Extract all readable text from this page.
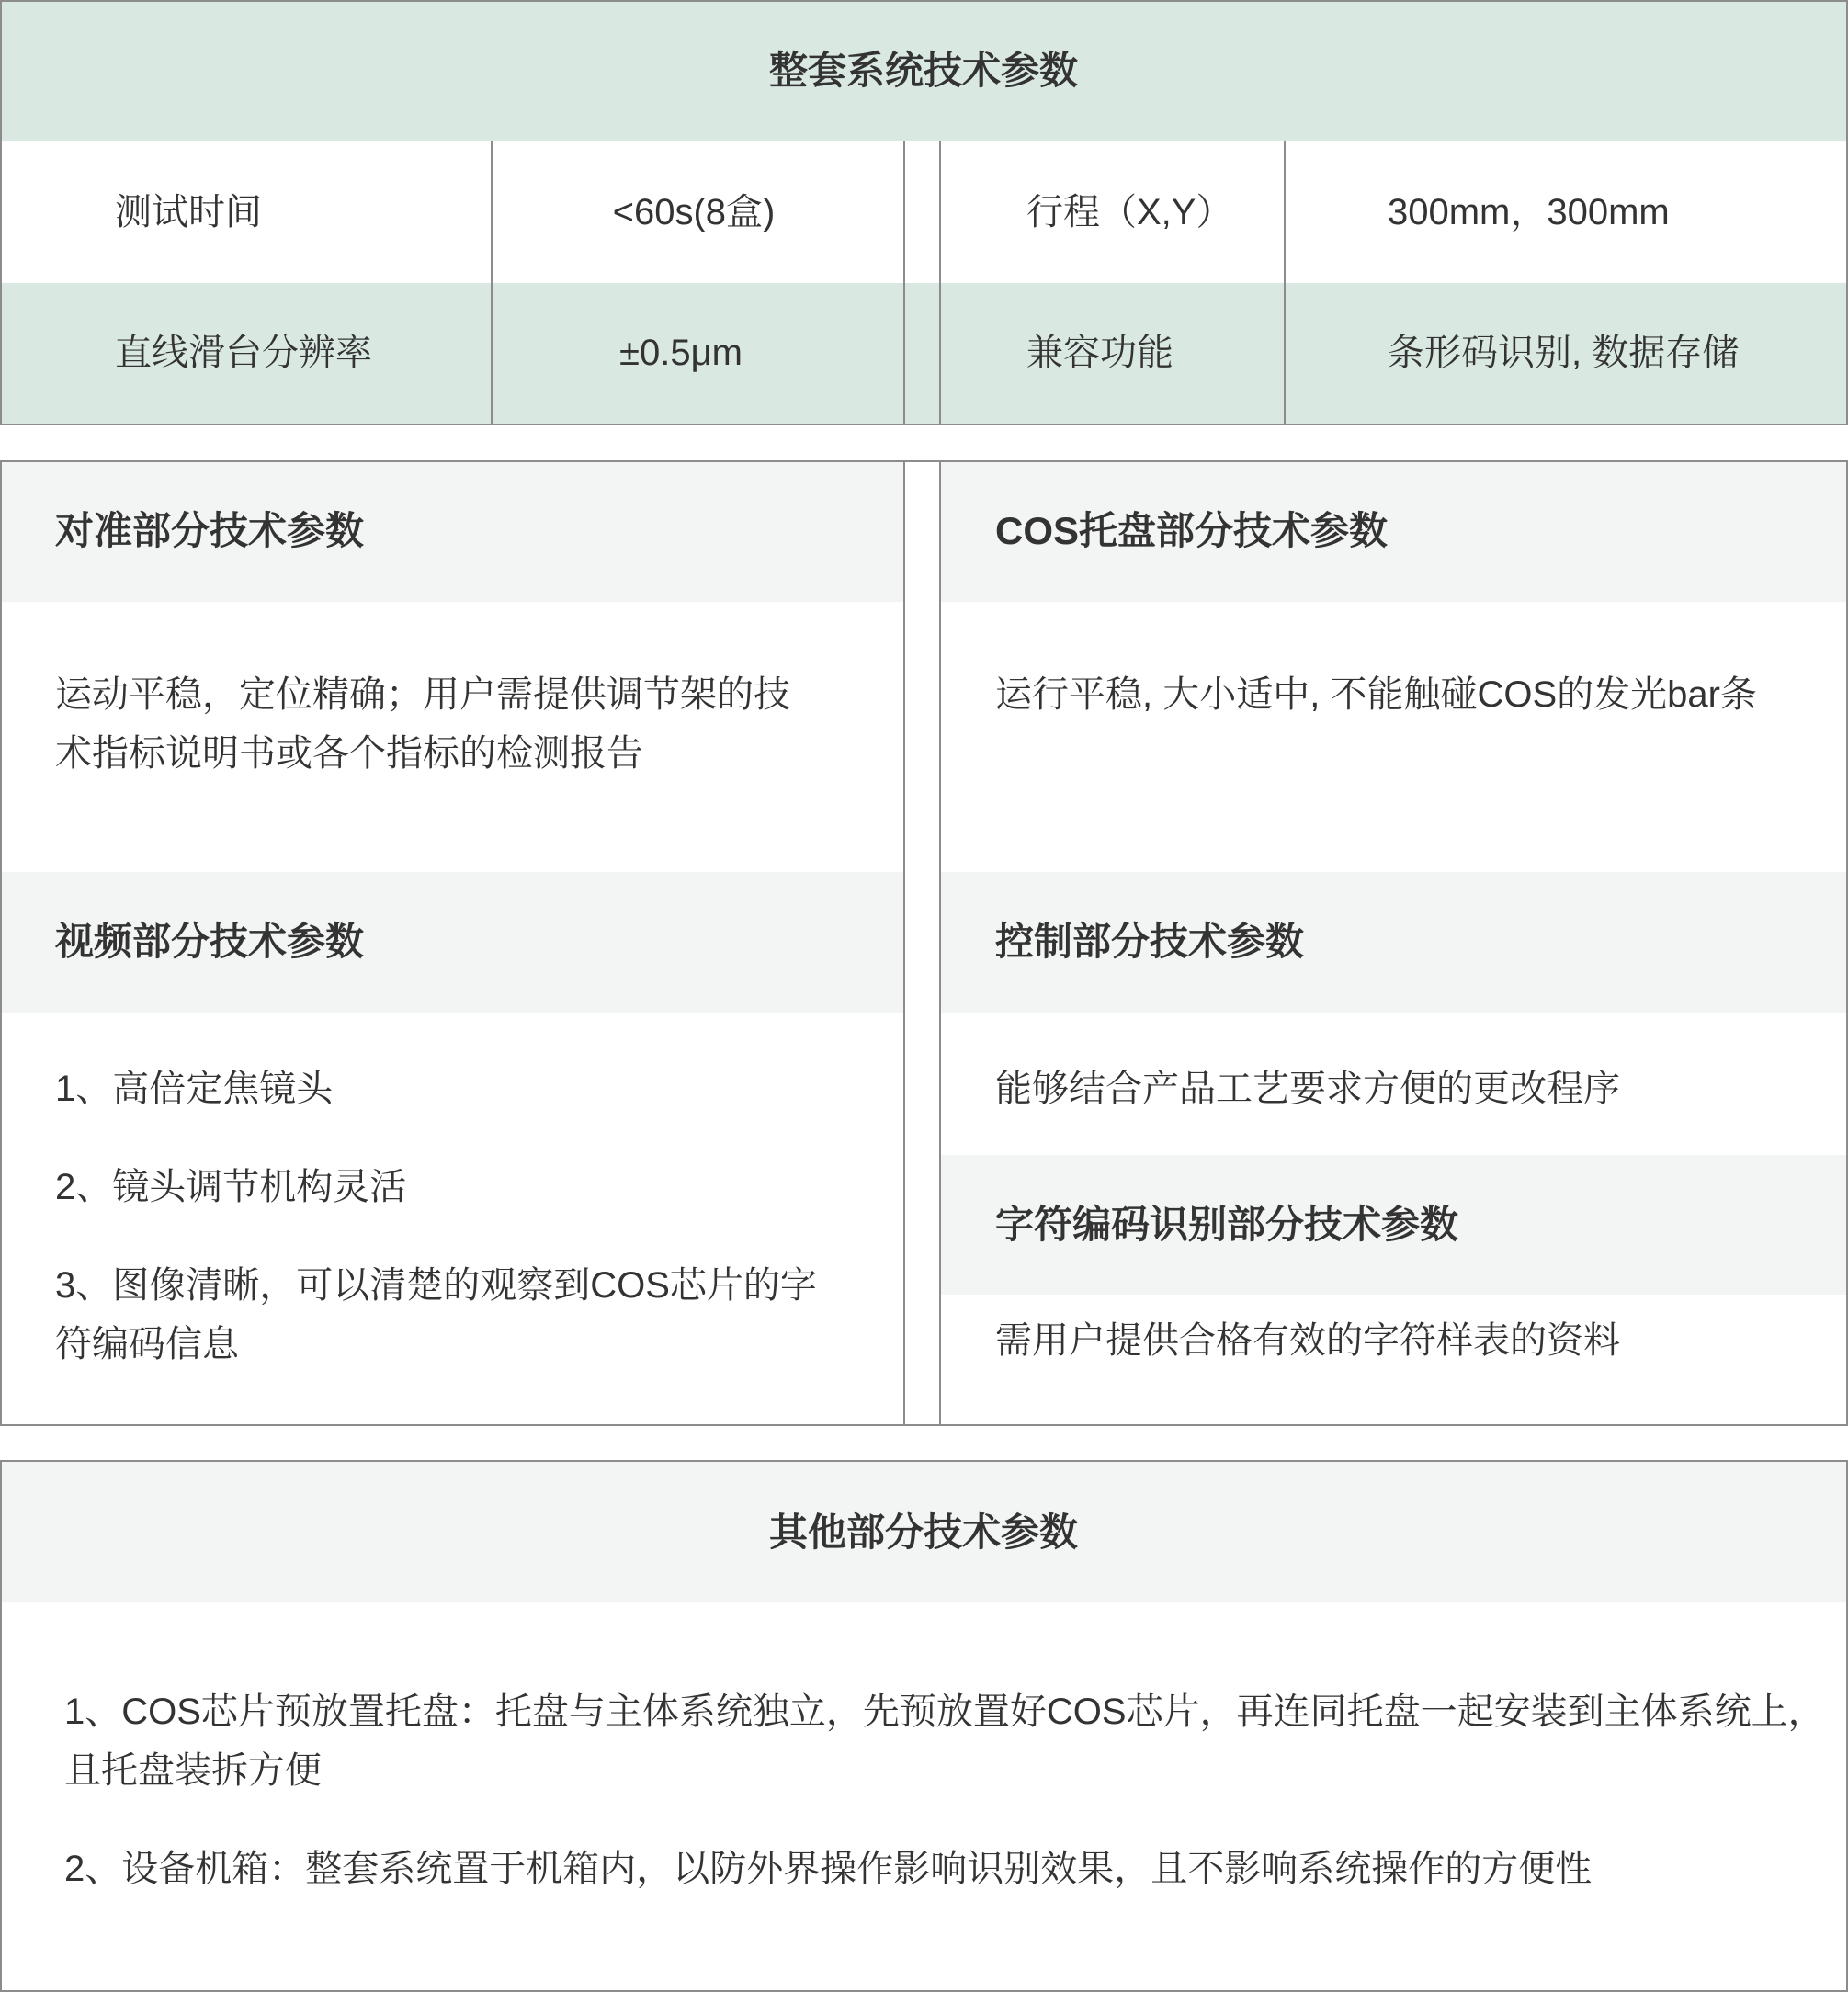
整套系统技术参数
测试时间	<60s(8盒)	行程（X,Y）	300mm，300mm
直线滑台分辨率	±0.5μm	兼容功能	条形码识别, 数据存储
对准部分技术参数
运动平稳，定位精确；用户需提供调节架的技
术指标说明书或各个指标的检测报告
视频部分技术参数
1、高倍定焦镜头
2、镜头调节机构灵活
3、图像清晰，可以清楚的观察到COS芯片的字
符编码信息
COS托盘部分技术参数
运行平稳, 大小适中, 不能触碰COS的发光bar条
控制部分技术参数
能够结合产品工艺要求方便的更改程序
字符编码识别部分技术参数
需用户提供合格有效的字符样表的资料
其他部分技术参数
1、COS芯片预放置托盘：托盘与主体系统独立，先预放置好COS芯片，再连同托盘一起安装到主体系统上，
且托盘装拆方便
2、设备机箱：整套系统置于机箱内，以防外界操作影响识别效果，且不影响系统操作的方便性
